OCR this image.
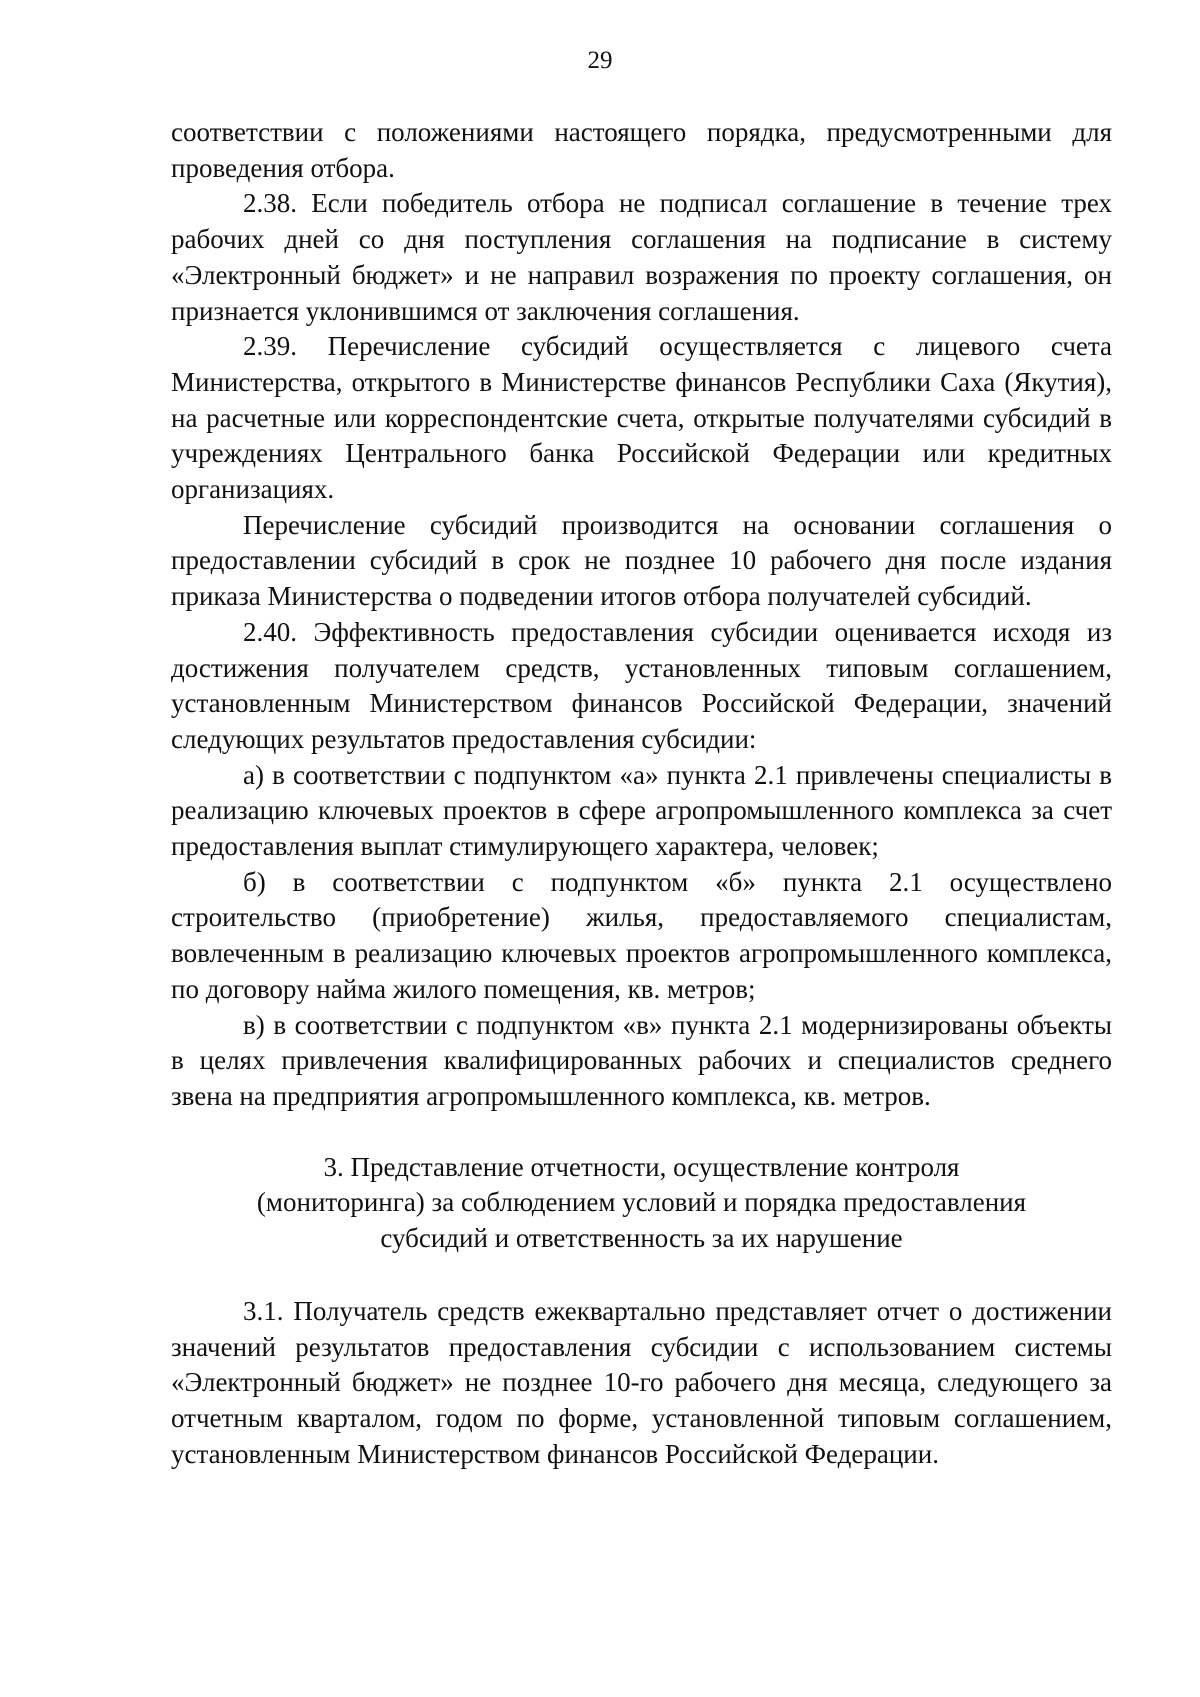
29

соответствии с положениями настоящего порядка, предусмотренными для проведения отбора.

2.38. Если победитель отбора не подписал соглашение в течение трех рабочих дней со дня поступления соглашения на подписание в систему «Электронный бюджет» и не направил возражения по проекту соглашения, он признается уклонившимся от заключения соглашения.

2.39. Перечисление субсидий осуществляется с лицевого счета Министерства, открытого в Министерстве финансов Республики Саха (Якутия), на расчетные или корреспондентские счета, открытые получателями субсидий в учреждениях Центрального банка Российской Федерации или кредитных организациях.

Перечисление субсидий производится на основании соглашения о предоставлении субсидий в срок не позднее 10 рабочего дня после издания приказа Министерства о подведении итогов отбора получателей субсидий.

2.40. Эффективность предоставления субсидии оценивается исходя из достижения получателем средств, установленных типовым соглашением, установленным Министерством финансов Российской Федерации, значений следующих результатов предоставления субсидии:

а) в соответствии с подпунктом «а» пункта 2.1 привлечены специалисты в реализацию ключевых проектов в сфере агропромышленного комплекса за счет предоставления выплат стимулирующего характера, человек;

б) в соответствии с подпунктом «б» пункта 2.1 осуществлено строительство (приобретение) жилья, предоставляемого специалистам, вовлеченным в реализацию ключевых проектов агропромышленного комплекса, по договору найма жилого помещения, кв. метров;

в) в соответствии с подпунктом «в» пункта 2.1 модернизированы объекты в целях привлечения квалифицированных рабочих и специалистов среднего звена на предприятия агропромышленного комплекса, кв. метров.

3. Представление отчетности, осуществление контроля
(мониторинга) за соблюдением условий и порядка предоставления
субсидий и ответственность за их нарушение

3.1. Получатель средств ежеквартально представляет отчет о достижении значений результатов предоставления субсидии с использованием системы «Электронный бюджет» не позднее 10-го рабочего дня месяца, следующего за отчетным кварталом, годом по форме, установленной типовым соглашением, установленным Министерством финансов Российской Федерации.
